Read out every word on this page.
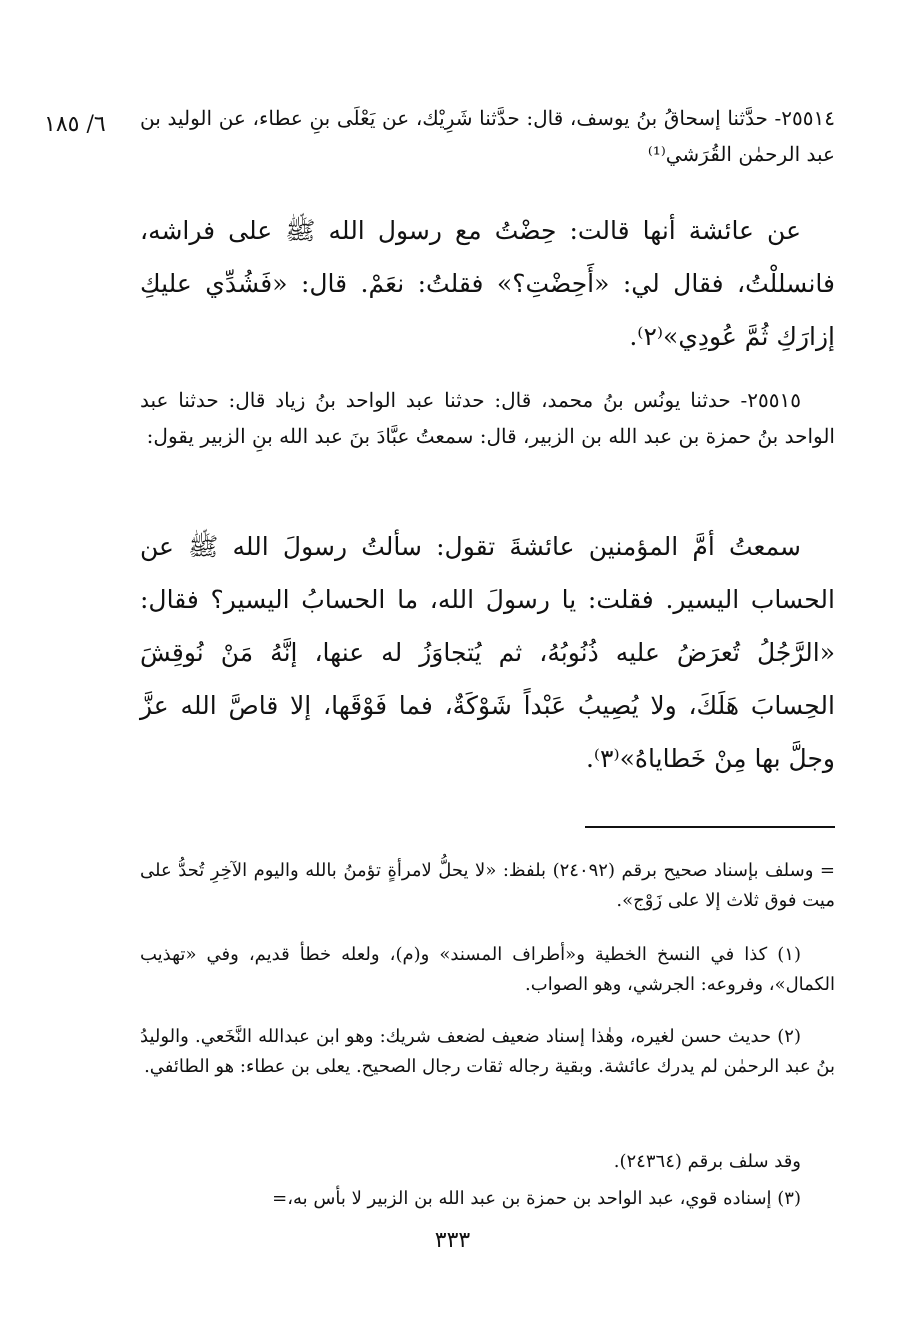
٦/ ١٨٥ ٢٥٥١٤- حدَّثنا إسحاقُ بنُ يوسف، قال: حدَّثنا شَرِيْك، عن يَعْلَى بنِ عطاء، عن الوليد بن عبد الرحمٰن القُرَشي⁽¹⁾

عن عائشة أنها قالت: حِضْتُ مع رسول الله ﷺ على فراشه، فانسللْتُ، فقال لي: «أَحِضْتِ؟» فقلتُ: نعَمْ. قال: «فَشُدِّي عليكِ إزارَكِ ثُمَّ عُودِي»⁽٢⁾.

٢٥٥١٥- حدثنا يونُس بنُ محمد، قال: حدثنا عبد الواحد بنُ زياد قال: حدثنا عبد الواحد بنُ حمزة بن عبد الله بن الزبير، قال: سمعتُ عبَّادَ بنَ عبد الله بنِ الزبير يقول:

سمعتُ أمَّ المؤمنين عائشةَ تقول: سألتُ رسولَ الله ﷺ عن الحساب اليسير. فقلت: يا رسولَ الله، ما الحسابُ اليسير؟ فقال: «الرَّجُلُ تُعرَضُ عليه ذُنُوبُهُ، ثم يُتجاوَزُ له عنها، إنَّهُ مَنْ نُوقِشَ الحِسابَ هَلَكَ، ولا يُصِيبُ عَبْداً شَوْكَةٌ، فما فَوْقَها، إلا قاصَّ الله عزَّ وجلَّ بها مِنْ خَطاياهُ»⁽٣⁾.

= وسلف بإسناد صحيح برقم (٢٤٠٩٢) بلفظ: «لا يحلُّ لامرأةٍ تؤمنُ بالله واليوم الآخِرِ تُحدُّ على ميت فوق ثلاث إلا على زَوْج».

(١) كذا في النسخ الخطية و«أطراف المسند» و(م)، ولعله خطأ قديم، وفي «تهذيب الكمال»، وفروعه: الجرشي، وهو الصواب.

(٢) حديث حسن لغيره، وهٰذا إسناد ضعيف لضعف شريك: وهو ابن عبدالله النَّخَعي. والوليدُ بنُ عبد الرحمٰن لم يدرك عائشة. وبقية رجاله ثقات رجال الصحيح. يعلى بن عطاء: هو الطائفي.

وقد سلف برقم (٢٤٣٦٤).

(٣) إسناده قوي، عبد الواحد بن حمزة بن عبد الله بن الزبير لا بأس به،=

٣٣٣
